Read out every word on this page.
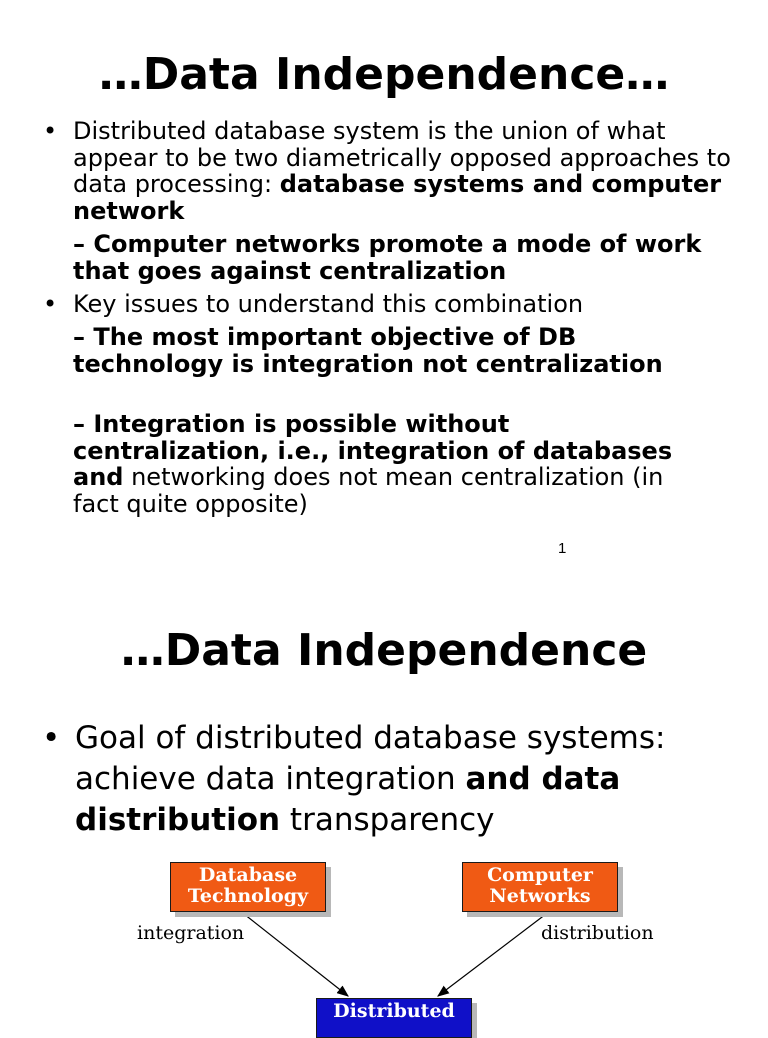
…Data Independence…

• Distributed database system is the union of what appear to be two diametrically opposed approaches to data processing: database systems and computer network

– Computer networks promote a mode of work that goes against centralization

• Key issues to understand this combination

– The most important objective of DB technology is integration not centralization

– Integration is possible without centralization, i.e., integration of databases and networking does not mean centralization (in fact quite opposite)

1
…Data Independence

• Goal of distributed database systems: achieve data integration and data distribution transparency

Database Technology
Computer Networks
integration	distribution
Distributed
